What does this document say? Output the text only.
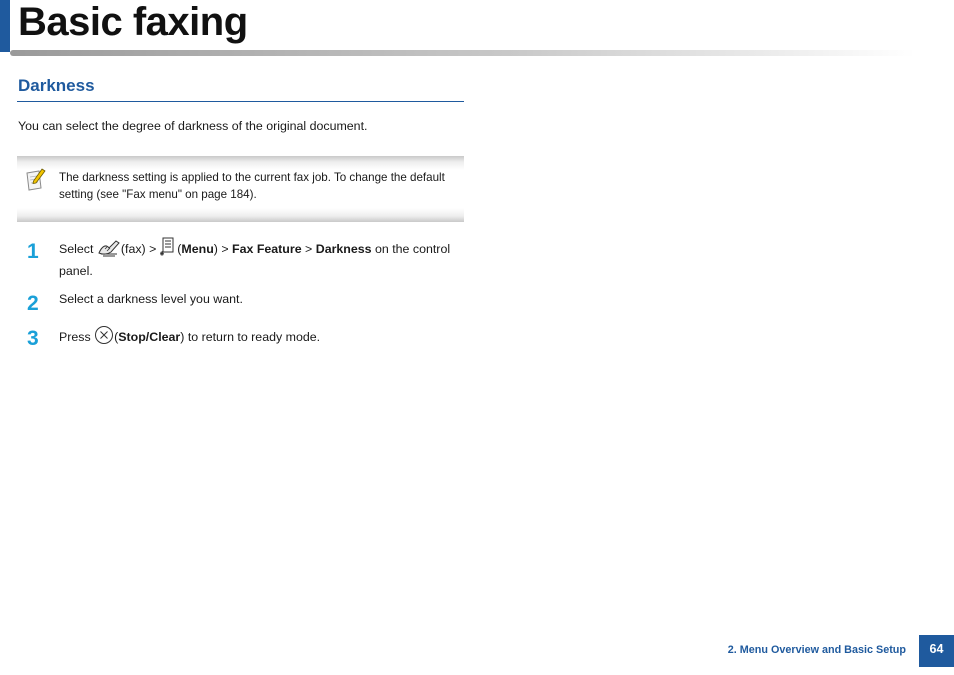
Basic faxing
Darkness

You can select the degree of darkness of the original document.

The darkness setting is applied to the current fax job. To change the default setting (see "Fax menu" on page 184).

1 Select (fax) > (Menu) > Fax Feature > Darkness on the control panel.

2 Select a darkness level you want.

3 Press (Stop/Clear) to return to ready mode.

2. Menu Overview and Basic Setup	64
